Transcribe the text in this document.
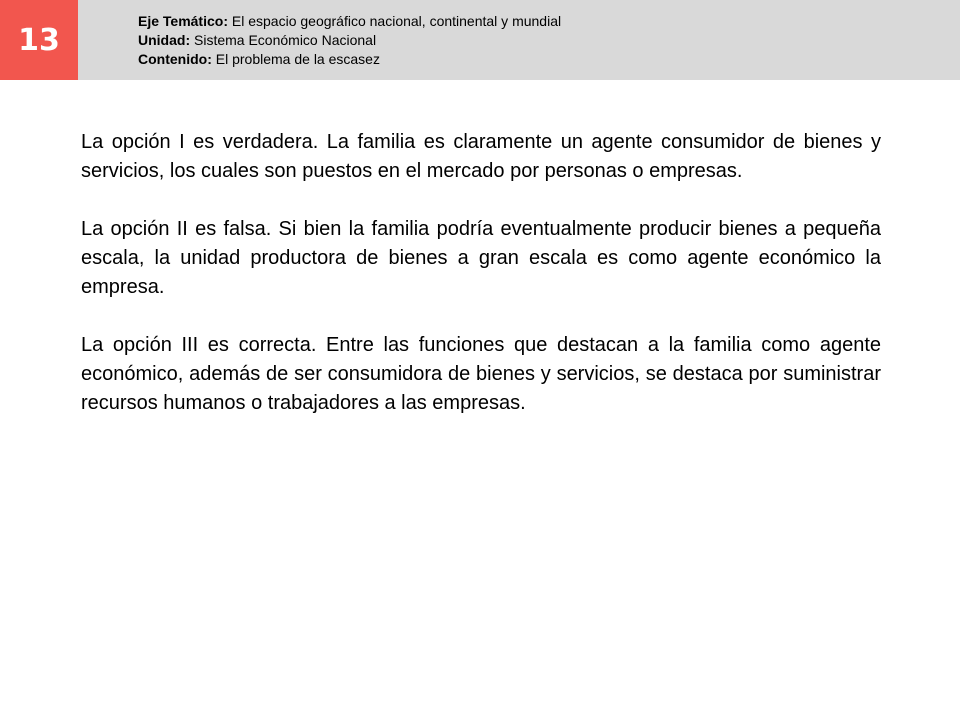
13
Eje Temático: El espacio geográfico nacional, continental y mundial
Unidad: Sistema Económico Nacional
Contenido: El problema de la escasez

La opción I es verdadera. La familia es claramente un agente consumidor de bienes y servicios, los cuales son puestos en el mercado por personas o empresas.

La opción II es falsa. Si bien la familia podría eventualmente producir bienes a pequeña escala, la unidad productora de bienes a gran escala es como agente económico la empresa.

La opción III es correcta. Entre las funciones que destacan a la familia como agente económico, además de ser consumidora de bienes y servicios, se destaca por suministrar recursos humanos o trabajadores a las empresas.
